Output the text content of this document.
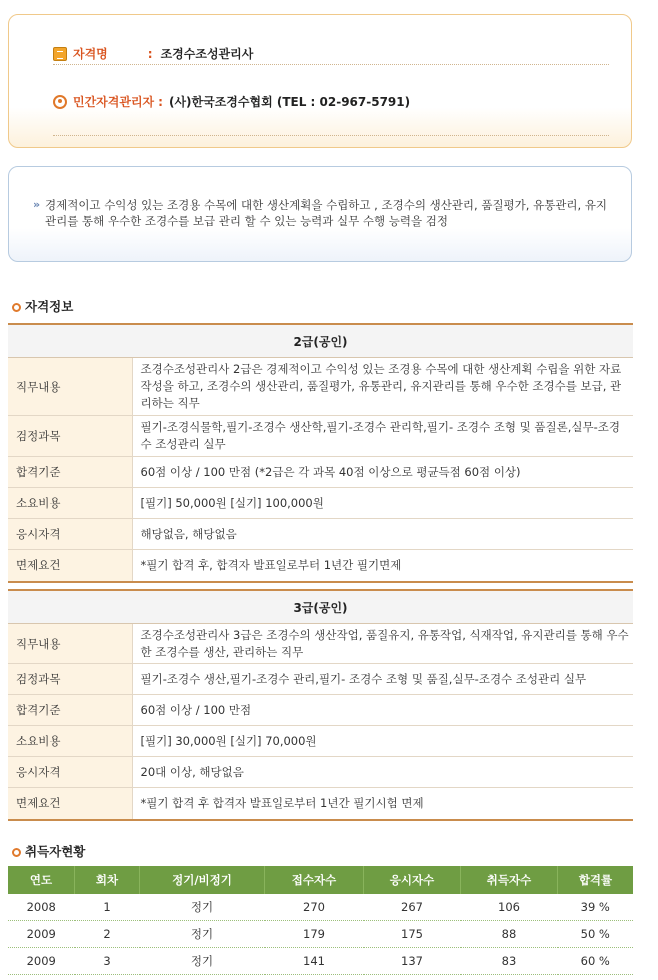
자격명	: 조경수조성관리사
민간자격관리자 : (사)한국조경수협회 (TEL : 02-967-5791)
» 경제적이고 수익성 있는 조경용 수목에 대한 생산계획을 수립하고 , 조경수의 생산관리, 품질평가, 유통관리, 유지관리를 통해 우수한 조경수를 보급 관리 할 수 있는 능력과 실무 수행 능력을 검정
자격정보
2급(공인)	
직무내용	조경수조성관리사 2급은 경제적이고 수익성 있는 조경용 수목에 대한 생산계획 수립을 위한 자료 작성을 하고, 조경수의 생산관리, 품질평가, 유통관리, 유지관리를 통해 우수한 조경수를 보급, 관리하는 직무
검정과목	필기-조경식물학,필기-조경수 생산학,필기-조경수 관리학,필기- 조경수 조형 및 품질론,실무-조경수 조성관리 실무
합격기준	60점 이상 / 100 만점 (*2급은 각 과목 40점 이상으로 평균득점 60점 이상)
소요비용	[필기] 50,000원 [실기] 100,000원
응시자격	해당없음, 해당없음
면제요건	*필기 합격 후, 합격자 발표일로부터 1년간 필기면제
3급(공인)	
직무내용	조경수조성관리사 3급은 조경수의 생산작업, 품질유지, 유통작업, 식재작업, 유지관리를 통해 우수한 조경수를 생산, 관리하는 직무
검정과목	필기-조경수 생산,필기-조경수 관리,필기- 조경수 조형 및 품질,실무-조경수 조성관리 실무
합격기준	60점 이상 / 100 만점
소요비용	[필기] 30,000원 [실기] 70,000원
응시자격	20대 이상, 해당없음
면제요건	*필기 합격 후 합격자 발표일로부터 1년간 필기시험 면제
취득자현황
연도	회차	정기/비정기	접수자수	응시자수	취득자수	합격률
2008	1	정기	270	267	106	39 %
2009	2	정기	179	175	88	50 %
2009	3	정기	141	137	83	60 %
